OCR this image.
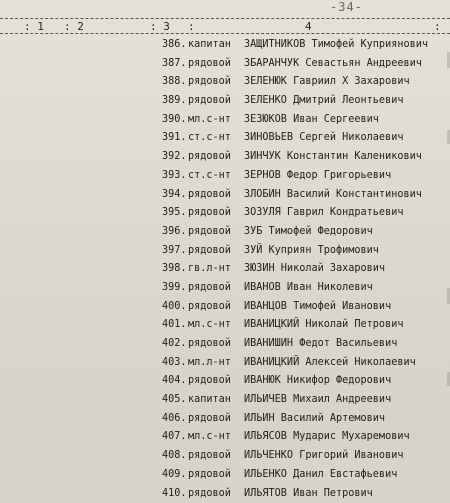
-34-
: 1 : 2	: 3 :	4	:
386. капитан ЗАЩИТНИКОВ Тимофей Куприянович
387. рядовой ЗБАРАНЧУК Севастьян Андреевич
388. рядовой ЗЕЛЕНЮК Гавриил Х Захарович
389. рядовой ЗЕЛЕНКО Дмитрий Леонтьевич
390. мл.с-нт ЗЕЗЮКОВ Иван Сергеевич
391. ст.с-нт ЗИНОВЬЕВ Сергей Николаевич
392. рядовой ЗИНЧУК Константин Каленикович
393. ст.с-нт ЗЕРНОВ Федор Григорьевич
394. рядовой ЗЛОБИН Василий Константинович
395. рядовой ЗОЗУЛЯ Гаврил Кондратьевич
396. рядовой ЗУБ Тимофей Федорович
397. рядовой ЗУЙ Куприян Трофимович
398. гв.л-нт ЗЮЗИН Николай Захарович
399. рядовой ИВАНОВ Иван Николевич
400. рядовой ИВАНЦОВ Тимофей Иванович
401. мл.с-нт ИВАНИЦКИЙ Николай Петрович
402. рядовой ИВАНИШИН Федот Васильевич
403. мл.л-нт ИВАНИЦКИЙ Алексей Николаевич
404. рядовой ИВАНЮК Никифор Федорович
405. капитан ИЛЬИЧЕВ Михаил Андреевич
406. рядовой ИЛЬИН Василий Артемович
407. мл.с-нт ИЛЬЯСОВ Мударис Мухаремович
408. рядовой ИЛЬЧЕНКО Григорий Иванович
409. рядовой ИЛЬЕНКО Данил Евстафьевич
410. рядовой ИЛЬЯТОВ Иван Петрович
